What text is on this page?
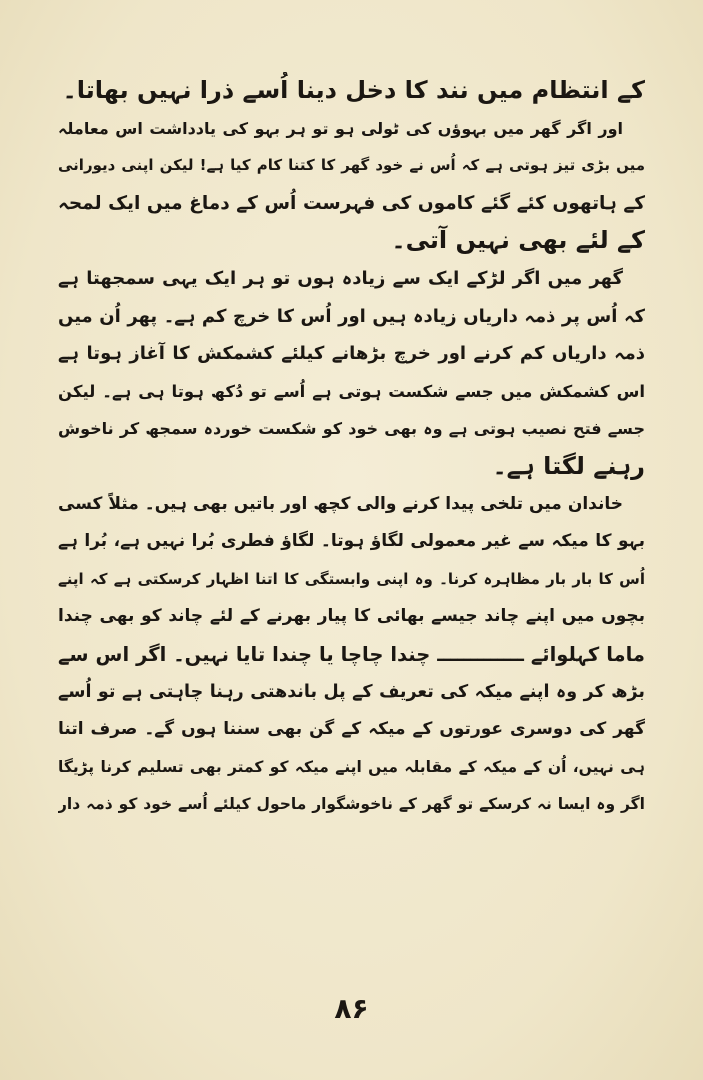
کے انتظام میں نند کا دخل دینا اُسے ذرا نہیں بھاتا۔
اور اگر گھر میں بہوؤں کی ٹولی ہو تو ہر بہو کی یادداشت اس معاملہ
میں بڑی تیز ہوتی ہے کہ اُس نے خود گھر کا کتنا کام کیا ہے! لیکن اپنی دیورانی
کے ہاتھوں کئے گئے کاموں کی فہرست اُس کے دماغ میں ایک لمحہ
کے لئے بھی نہیں آتی۔
گھر میں اگر لڑکے ایک سے زیادہ ہوں تو ہر ایک یہی سمجھتا ہے
کہ اُس پر ذمہ داریاں زیادہ ہیں اور اُس کا خرچ کم ہے۔ پھر اُن میں
ذمہ داریاں کم کرنے اور خرچ بڑھانے کیلئے کشمکش کا آغاز ہوتا ہے
اس کشمکش میں جسے شکست ہوتی ہے اُسے تو دُکھ ہوتا ہی ہے۔ لیکن
جسے فتح نصیب ہوتی ہے وہ بھی خود کو شکست خوردہ سمجھ کر ناخوش
رہنے لگتا ہے۔
خاندان میں تلخی پیدا کرنے والی کچھ اور باتیں بھی ہیں۔ مثلاً کسی
بہو کا میکہ سے غیر معمولی لگاؤ ہوتا۔ لگاؤ فطری بُرا نہیں ہے، بُرا ہے
اُس کا بار بار مظاہرہ کرنا۔ وہ اپنی وابستگی کا اتنا اظہار کرسکتی ہے کہ اپنے
بچوں میں اپنے چاند جیسے بھائی کا پیار بھرنے کے لئے چاند کو بھی چندا
ماما کہلوائے ـــــــــــــ چندا چاچا یا چندا تایا نہیں۔ اگر اس سے
بڑھ کر وہ اپنے میکہ کی تعریف کے پل باندھتی رہنا چاہتی ہے تو اُسے
گھر کی دوسری عورتوں کے میکہ کے گن بھی سننا ہوں گے۔ صرف اتنا
ہی نہیں، اُن کے میکہ کے مقابلہ میں اپنے میکہ کو کمتر بھی تسلیم کرنا پڑیگا
اگر وہ ایسا نہ کرسکے تو گھر کے ناخوشگوار ماحول کیلئے اُسے خود کو ذمہ دار
۸۶
